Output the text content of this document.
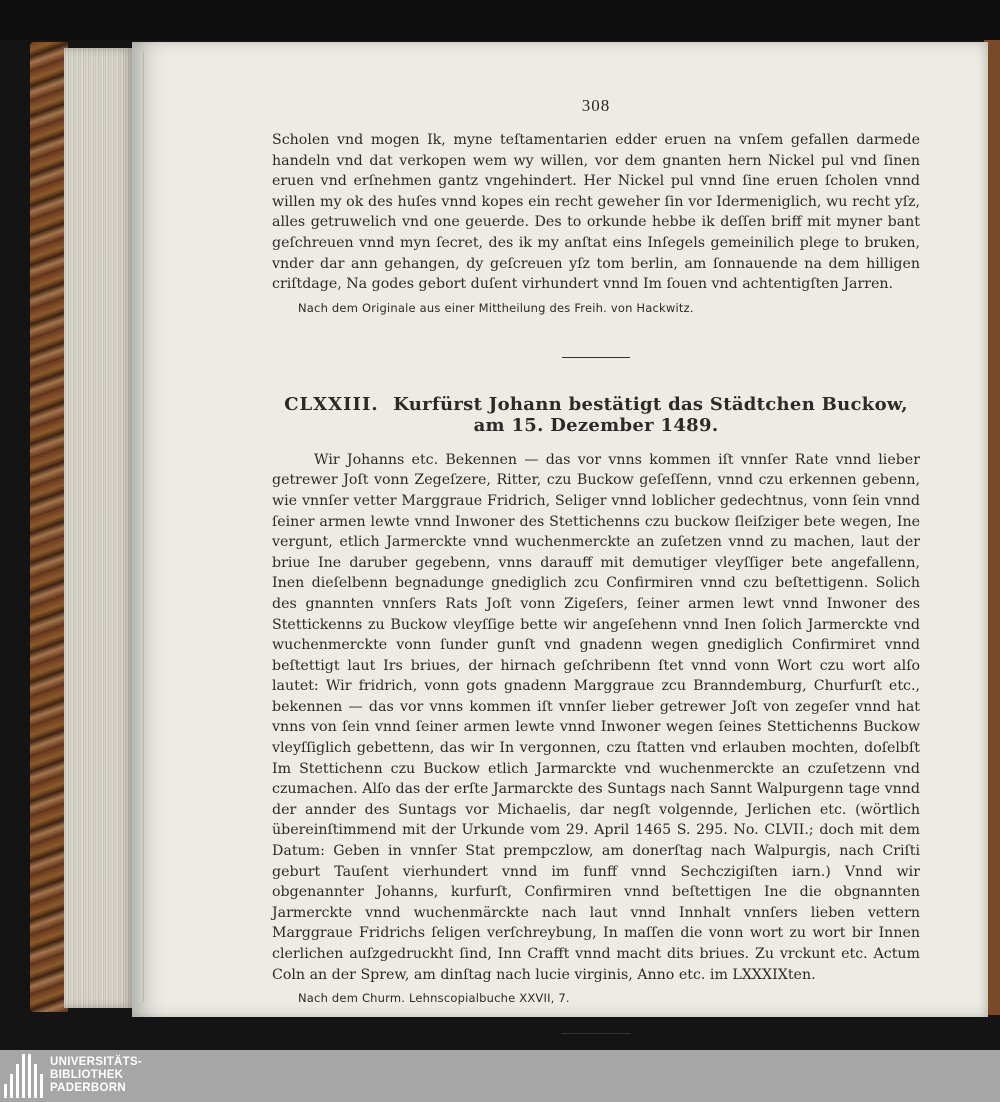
308

Scholen vnd mogen Ik, myne teſtamentarien edder eruen na vnſem gefallen darmede handeln vnd dat verkopen wem wy willen, vor dem gnanten hern Nickel pul vnd ſinen eruen vnd erſnehmen gantz vngehindert. Her Nickel pul vnnd ſine eruen ſcholen vnnd willen my ok des huſes vnnd kopes ein recht geweher ſin vor Idermeniglich, wu recht yſz, alles getruwelich vnd one geuerde. Des to orkunde hebbe ik deſſen briff mit myner bant geſchreuen vnnd myn ſecret, des ik my anſtat eins Inſegels gemeinilich plege to bruken, vnder dar ann gehangen, dy geſcreuen yſz tom berlin, am ſonnauende na dem hilligen criſtdage, Na godes gebort duſent virhundert vnnd Im ſouen vnd achtentigſten Jarren.

Nach dem Originale aus einer Mittheilung des Freih. von Hackwitz.
CLXXIII. Kurfürst Johann bestätigt das Städtchen Buckow, am 15. Dezember 1489.

Wir Johanns etc. Bekennen — das vor vnns kommen iſt vnnſer Rate vnnd lieber getrewer Joſt vonn Zegeſzere, Ritter, czu Buckow geſeſſenn, vnnd czu erkennen gebenn, wie vnnſer vetter Marggraue Fridrich, Seliger vnnd loblicher gedechtnus, vonn ſein vnnd ſeiner armen lewte vnnd Inwoner des Stettichenns czu buckow ſleiſziger bete wegen, Ine vergunt, etlich Jarmerckte vnnd wuchenmerckte an zuſetzen vnnd zu machen, laut der briue Ine daruber gegebenn, vnns darauff mit demutiger vleyſſiger bete angefallenn, Inen dieſelbenn begnadunge gnediglich zcu Confirmiren vnnd czu beſtettigenn. Solich des gnannten vnnſers Rats Joſt vonn Zigeſers, ſeiner armen lewt vnnd Inwoner des Stettickenns zu Buckow vleyſſige bette wir angeſehenn vnnd Inen ſolich Jarmerckte vnd wuchenmerckte vonn ſunder gunſt vnd gnadenn wegen gnediglich Confirmiret vnnd beſtettigt laut Irs briues, der hirnach geſchribenn ſtet vnnd vonn Wort czu wort alſo lautet: Wir fridrich, vonn gots gnadenn Marggraue zcu Branndemburg, Churfurſt etc., bekennen — das vor vnns kommen iſt vnnſer lieber getrewer Joſt von zegeſer vnnd hat vnns von ſein vnnd ſeiner armen lewte vnnd Inwoner wegen ſeines Stettichenns Buckow vleyſſiglich gebettenn, das wir In vergonnen, czu ſtatten vnd erlauben mochten, doſelbſt Im Stettichenn czu Buckow etlich Jarmarckte vnd wuchenmerckte an czuſetzenn vnd czumachen. Alſo das der erſte Jarmarckte des Suntags nach Sannt Walpurgenn tage vnnd der annder des Suntags vor Michaelis, dar negſt volgennde, Jerlichen etc. (wörtlich übereinſtimmend mit der Urkunde vom 29. April 1465 S. 295. No. CLVII.; doch mit dem Datum: Geben in vnnſer Stat prempczlow, am donerſtag nach Walpurgis, nach Criſti geburt Tauſent vierhundert vnnd im funff vnnd Sechczigiſten iarn.) Vnnd wir obgenannter Johanns, kurfurſt, Confirmiren vnnd beſtettigen Ine die obgnannten Jarmerckte vnnd wuchenmärckte nach laut vnnd Innhalt vnnſers lieben vettern Marggraue Fridrichs ſeligen verſchreybung, In maſſen die vonn wort zu wort bir Innen clerlichen auſzgedruckht ſind, Inn Crafft vnnd macht dits briues. Zu vrckunt etc. Actum Coln an der Sprew, am dinſtag nach lucie virginis, Anno etc. im LXXXIXten.

Nach dem Churm. Lehnscopialbuche XXVII, 7.
UNIVERSITÄTS-
BIBLIOTHEK
PADERBORN
